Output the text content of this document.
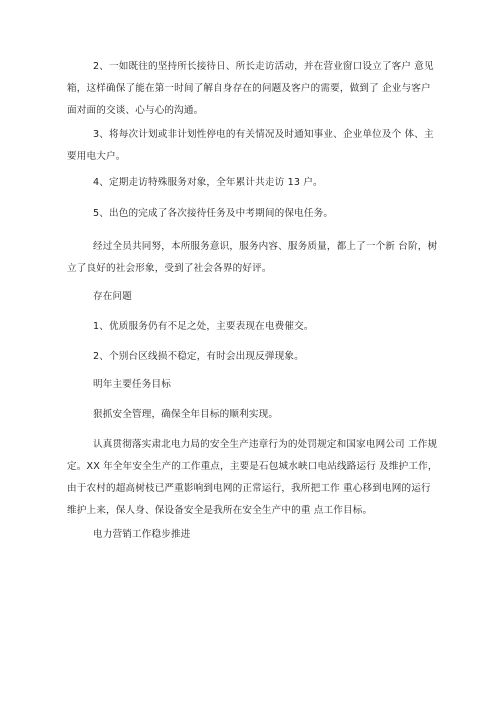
2、一如既往的坚持所长接待日、所长走访活动，并在营业窗口设立了客户 意见箱，这样确保了能在第一时间了解自身存在的问题及客户的需要，做到了 企业与客户面对面的交谈、心与心的沟通。

3、将每次计划或非计划性停电的有关情况及时通知事业、企业单位及个 体、主要用电大户。

4、定期走访特殊服务对象，全年累计共走访 13 户。

5、出色的完成了各次接待任务及中考期间的保电任务。

经过全员共同努，本所服务意识，服务内容、服务质量，都上了一个新 台阶，树立了良好的社会形象，受到了社会各界的好评。

存在问题

1、优质服务仍有不足之处，主要表现在电费催交。

2、个别台区线损不稳定，有时会出现反弹现象。

明年主要任务目标

狠抓安全管理，确保全年目标的顺利实现。

认真贯彻落实肃北电力局的安全生产违章行为的处罚规定和国家电网公司 工作规定。XX 年全年安全生产的工作重点，主要是石包城水峡口电站线路运行 及维护工作，由于农村的超高树枝已严重影响到电网的正常运行，我所把工作 重心移到电网的运行维护上来，保人身、保设备安全是我所在安全生产中的重 点工作目标。

电力营销工作稳步推进
